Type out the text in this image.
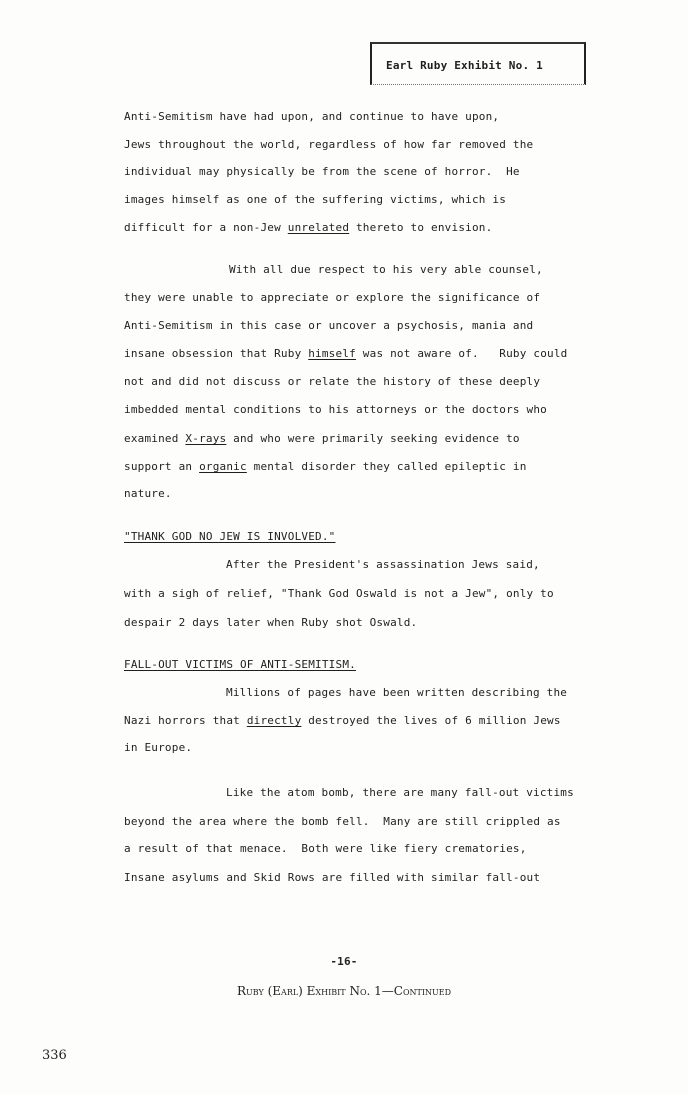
Earl Ruby Exhibit No. 1
Anti-Semitism have had upon, and continue to have upon,
Jews throughout the world, regardless of how far removed the
individual may physically be from the scene of horror.  He
images himself as one of the suffering victims, which is
difficult for a non-Jew unrelated thereto to envision.
With all due respect to his very able counsel,
they were unable to appreciate or explore the significance of
Anti-Semitism in this case or uncover a psychosis, mania and
insane obsession that Ruby himself was not aware of.   Ruby could
not and did not discuss or relate the history of these deeply
imbedded mental conditions to his attorneys or the doctors who
examined X-rays and who were primarily seeking evidence to
support an organic mental disorder they called epileptic in
nature.
"THANK GOD NO JEW IS INVOLVED."
After the President's assassination Jews said,
with a sigh of relief, "Thank God Oswald is not a Jew", only to
despair 2 days later when Ruby shot Oswald.
FALL-OUT VICTIMS OF ANTI-SEMITISM.
Millions of pages have been written describing the
Nazi horrors that directly destroyed the lives of 6 million Jews
in Europe.
Like the atom bomb, there are many fall-out victims
beyond the area where the bomb fell.  Many are still crippled as
a result of that menace.  Both were like fiery crematories,
Insane asylums and Skid Rows are filled with similar fall-out
-16-
Ruby (Earl) Exhibit No. 1—Continued
336
